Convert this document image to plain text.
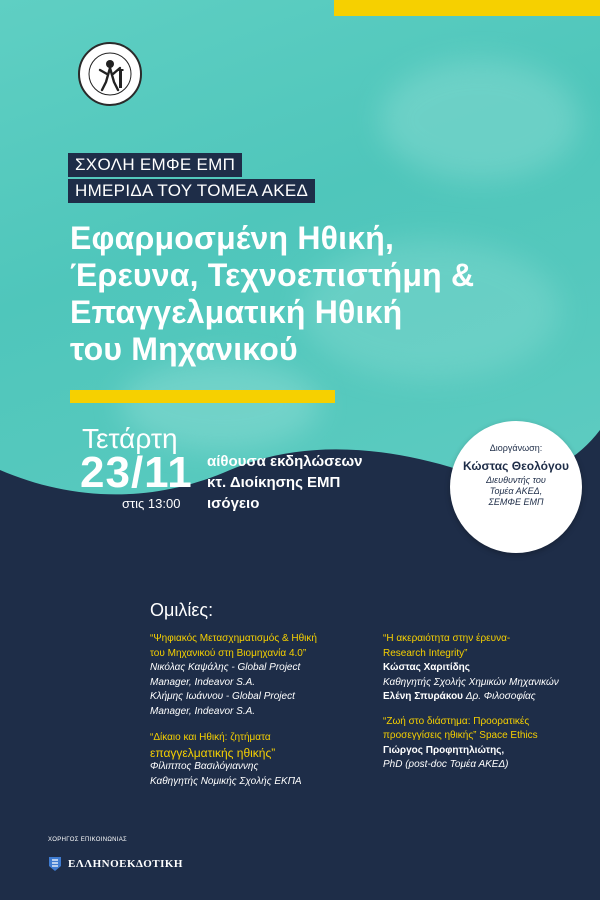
ΣΧΟΛΗ ΕΜΦΕ ΕΜΠ
ΗΜΕΡΙΔΑ ΤΟΥ ΤΟΜΕΑ ΑΚΕΔ
Εφαρμοσμένη Ηθική,
Έρευνα, Τεχνοεπιστήμη &
Επαγγελματική Ηθική
του Μηχανικού
Τετάρτη
23/11
στις 13:00
αίθουσα εκδηλώσεων
κτ. Διοίκησης ΕΜΠ
ισόγειο
Διοργάνωση:
Κώστας Θεολόγου
Διευθυντής του
Τομέα ΑΚΕΔ,
ΣΕΜΦΕ ΕΜΠ
Ομιλίες:
“Ψηφιακός Μετασχηματισμός & Ηθική
του Μηχανικού στη Βιομηχανία 4.0”
Νικόλας Καψάλης - Global Project
Manager, Indeavor S.A.
Κλήμης Ιωάννου - Global Project
Manager, Indeavor S.A.
“Δίκαιο και Ηθική: ζητήματα
επαγγελματικής ηθικής”
Φίλιππος Βασιλόγιαννης
Καθηγητής Νομικής Σχολής ΕΚΠΑ
“Η ακεραιότητα στην έρευνα-
Research Integrity”
Κώστας Χαριτίδης
Καθηγητής Σχολής Χημικών Μηχανικών
Ελένη Σπυράκου Δρ. Φιλοσοφίας
“Ζωή στο διάστημα: Προορατικές
προσεγγίσεις ηθικής” Space Ethics
Γιώργος Προφητηλιώτης,
PhD (post-doc Τομέα ΑΚΕΔ)
ΧΟΡΗΓΟΣ ΕΠΙΚΟΙΝΩΝΙΑΣ
ΕΛΛΗΝΟΕΚΔΟΤΙΚΗ
